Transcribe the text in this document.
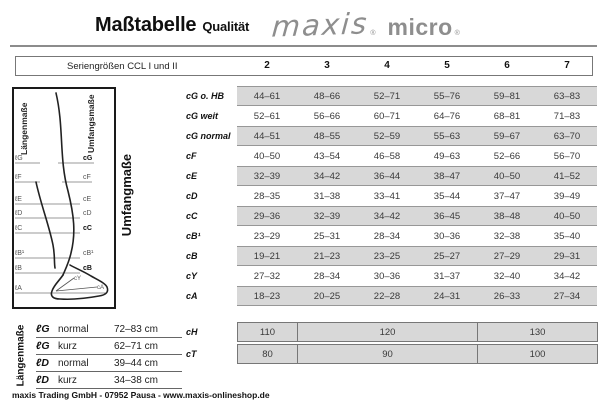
Maßtabelle Qualität maxis ® micro ®
Seriengrößen CCL I und II	2	3	4	5	6	7
Längenmaße	Umfangsmaße
ℓG
ℓF
ℓE
ℓD
ℓC
ℓB¹
ℓB
ℓA
cG
cF
cE
cD
cC
cB¹
cB
cY
cA
Umfangmaße
cG o. HB	44–61	48–66	52–71	55–76	59–81	63–83
cG weit	52–61	56–66	60–71	64–76	68–81	71–83
cG normal	44–51	48–55	52–59	55–63	59–67	63–70
cF	40–50	43–54	46–58	49–63	52–66	56–70
cE	32–39	34–42	36–44	38–47	40–50	41–52
cD	28–35	31–38	33–41	35–44	37–47	39–49
cC	29–36	32–39	34–42	36–45	38–48	40–50
cB¹	23–29	25–31	28–34	30–36	32–38	35–40
cB	19–21	21–23	23–25	25–27	27–29	29–31
cY	27–32	28–34	30–36	31–37	32–40	34–42
cA	18–23	20–25	22–28	24–31	26–33	27–34
cH	110	120	130
cT	80	90	100
Längenmaße ℓG normal	72–83 cm
ℓG kurz	62–71 cm
ℓD normal	39–44 cm
ℓD kurz	34–38 cm
maxis Trading GmbH - 07952 Pausa - www.maxis-onlineshop.de
